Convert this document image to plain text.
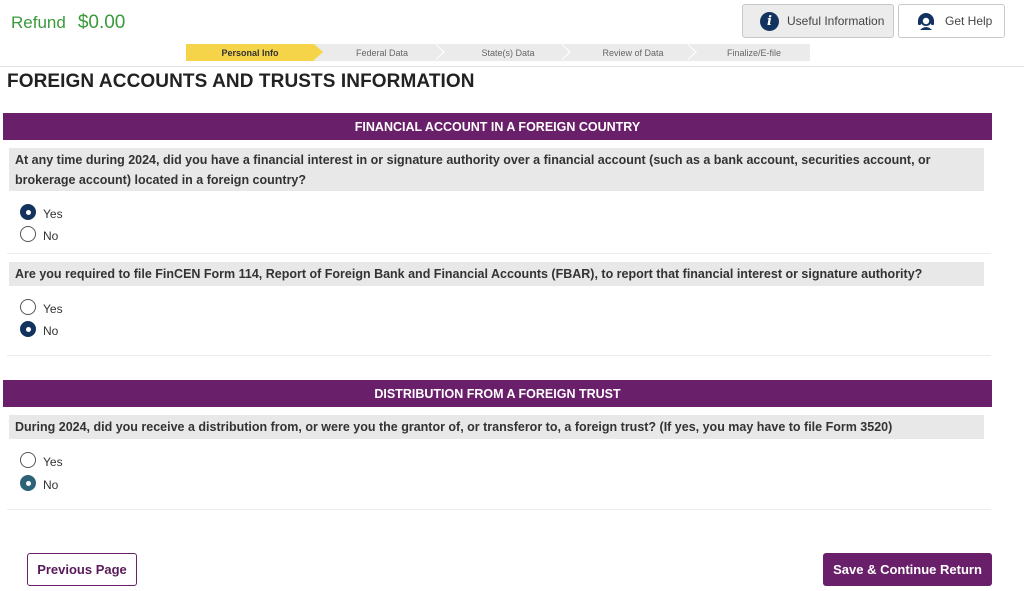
Refund $0.00	i	Useful Information	Get Help
Personal Info	Federal Data	State(s) Data	Review of Data	Finalize/E-file
FOREIGN ACCOUNTS AND TRUSTS INFORMATION
FINANCIAL ACCOUNT IN A FOREIGN COUNTRY
At any time during 2024, did you have a financial interest in or signature authority over a financial account (such as a bank account, securities account, or brokerage account) located in a foreign country?
Yes
No
Are you required to file FinCEN Form 114, Report of Foreign Bank and Financial Accounts (FBAR), to report that financial interest or signature authority?
Yes
No
DISTRIBUTION FROM A FOREIGN TRUST
During 2024, did you receive a distribution from, or were you the grantor of, or transferor to, a foreign trust? (If yes, you may have to file Form 3520)
Yes
No
Previous Page	Save & Continue Return
